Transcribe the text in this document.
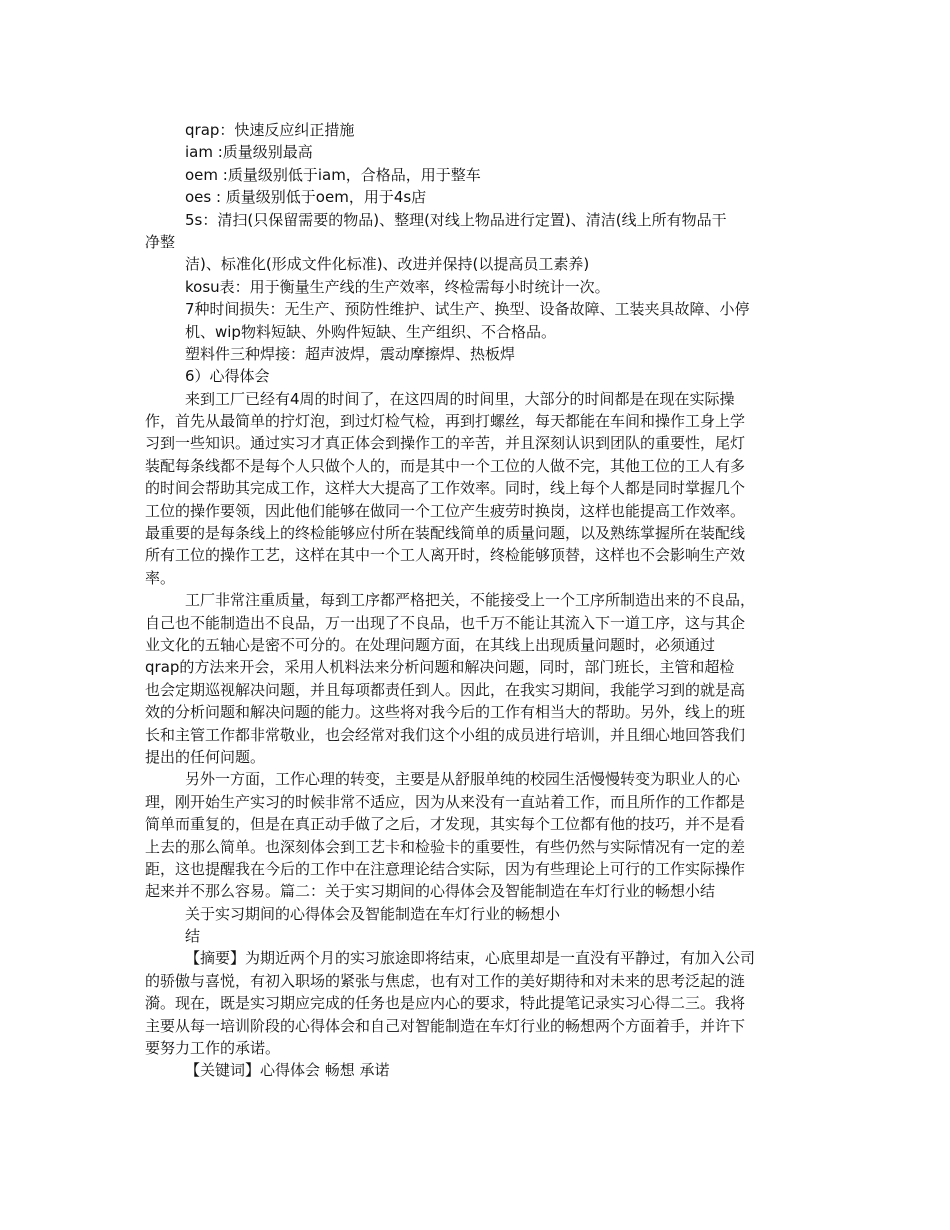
qrap：快速反应纠正措施
iam :质量级别最高
oem :质量级别低于iam，合格品，用于整车
oes : 质量级别低于oem，用于4s店
5s：清扫(只保留需要的物品)、整理(对线上物品进行定置)、清洁(线上所有物品干
净整
洁)、标准化(形成文件化标准)、改进并保持(以提高员工素养)
kosu表：用于衡量生产线的生产效率，终检需每小时统计一次。
7种时间损失：无生产、预防性维护、试生产、换型、设备故障、工装夹具故障、小停
机、wip物料短缺、外购件短缺、生产组织、不合格品。
塑料件三种焊接：超声波焊，震动摩擦焊、热板焊
6）心得体会
来到工厂已经有4周的时间了，在这四周的时间里，大部分的时间都是在现在实际操
作，首先从最简单的拧灯泡，到过灯检气检，再到打螺丝，每天都能在车间和操作工身上学
习到一些知识。通过实习才真正体会到操作工的辛苦，并且深刻认识到团队的重要性，尾灯
装配每条线都不是每个人只做个人的，而是其中一个工位的人做不完，其他工位的工人有多
的时间会帮助其完成工作，这样大大提高了工作效率。同时，线上每个人都是同时掌握几个
工位的操作要领，因此他们能够在做同一个工位产生疲劳时换岗，这样也能提高工作效率。
最重要的是每条线上的终检能够应付所在装配线简单的质量问题，以及熟练掌握所在装配线
所有工位的操作工艺，这样在其中一个工人离开时，终检能够顶替，这样也不会影响生产效
率。
工厂非常注重质量，每到工序都严格把关，不能接受上一个工序所制造出来的不良品，
自己也不能制造出不良品，万一出现了不良品，也千万不能让其流入下一道工序，这与其企
业文化的五轴心是密不可分的。在处理问题方面，在其线上出现质量问题时，必须通过
qrap的方法来开会，采用人机料法来分析问题和解决问题，同时，部门班长，主管和超检
也会定期巡视解决问题，并且每项都责任到人。因此，在我实习期间，我能学习到的就是高
效的分析问题和解决问题的能力。这些将对我今后的工作有相当大的帮助。另外，线上的班
长和主管工作都非常敬业，也会经常对我们这个小组的成员进行培训，并且细心地回答我们
提出的任何问题。
另外一方面，工作心理的转变，主要是从舒服单纯的校园生活慢慢转变为职业人的心
理，刚开始生产实习的时候非常不适应，因为从来没有一直站着工作，而且所作的工作都是
简单而重复的，但是在真正动手做了之后，才发现，其实每个工位都有他的技巧，并不是看
上去的那么简单。也深刻体会到工艺卡和检验卡的重要性，有些仍然与实际情况有一定的差
距，这也提醒我在今后的工作中在注意理论结合实际，因为有些理论上可行的工作实际操作
起来并不那么容易。篇二：关于实习期间的心得体会及智能制造在车灯行业的畅想小结
关于实习期间的心得体会及智能制造在车灯行业的畅想小
结
【摘要】为期近两个月的实习旅途即将结束，心底里却是一直没有平静过，有加入公司
的骄傲与喜悦，有初入职场的紧张与焦虑，也有对工作的美好期待和对未来的思考泛起的涟
漪。现在，既是实习期应完成的任务也是应内心的要求，特此提笔记录实习心得二三。我将
主要从每一培训阶段的心得体会和自己对智能制造在车灯行业的畅想两个方面着手，并许下
要努力工作的承诺。
【关键词】心得体会 畅想 承诺
